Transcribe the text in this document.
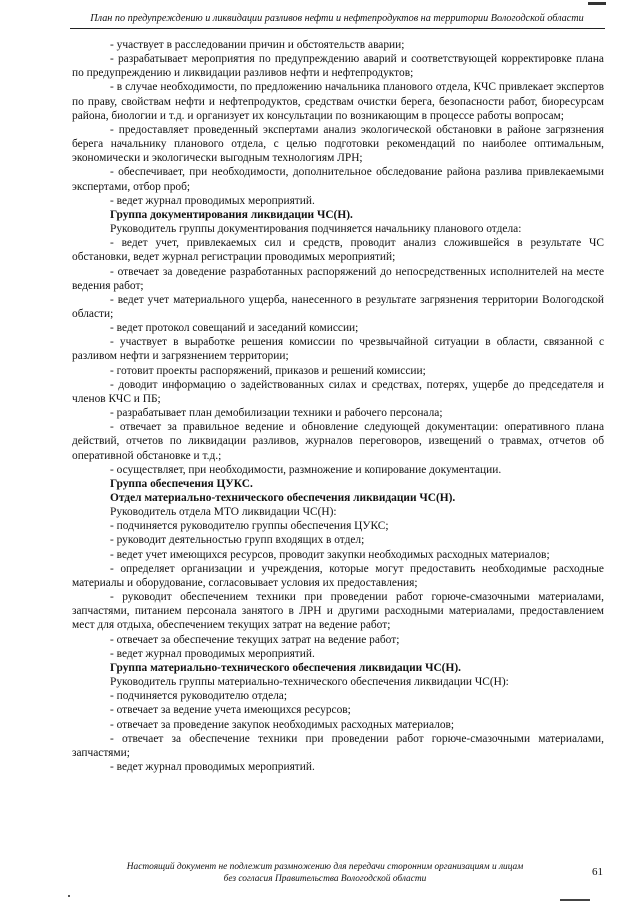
План по предупреждению и ликвидации разливов нефти и нефтепродуктов на территории Вологодской области

- участвует в расследовании причин и обстоятельств аварии;

- разрабатывает мероприятия по предупреждению аварий и соответствующей корректировке плана по предупреждению и ликвидации разливов нефти и нефтепродуктов;

- в случае необходимости, по предложению начальника планового отдела, КЧС привлекает экспертов по праву, свойствам нефти и нефтепродуктов, средствам очистки берега, безопасности работ, биоресурсам района, биологии и т.д. и организует их консультации по возникающим в процессе работы вопросам;

- предоставляет проведенный экспертами анализ экологической обстановки в районе загрязнения берега начальнику планового отдела, с целью подготовки рекомендаций по наиболее оптимальным, экономически и экологически выгодным технологиям ЛРН;

- обеспечивает, при необходимости, дополнительное обследование района разлива привлекаемыми экспертами, отбор проб;

- ведет журнал проводимых мероприятий.

Группа документирования ликвидации ЧС(Н).

Руководитель группы документирования подчиняется начальнику планового отдела:

- ведет учет, привлекаемых сил и средств, проводит анализ сложившейся в результате ЧС обстановки, ведет журнал регистрации проводимых мероприятий;

- отвечает за доведение разработанных распоряжений до непосредственных исполнителей на месте ведения работ;

- ведет учет материального ущерба, нанесенного в результате загрязнения территории Вологодской области;

- ведет протокол совещаний и заседаний комиссии;

- участвует в выработке решения комиссии по чрезвычайной ситуации в области, связанной с разливом нефти и загрязнением территории;

- готовит проекты распоряжений, приказов и решений комиссии;

- доводит информацию о задействованных силах и средствах, потерях, ущербе до председателя и членов КЧС и ПБ;

- разрабатывает план демобилизации техники и рабочего персонала;

- отвечает за правильное ведение и обновление следующей документации: оперативного плана действий, отчетов по ликвидации разливов, журналов переговоров, извещений о травмах, отчетов об оперативной обстановке и т.д.;

- осуществляет, при необходимости, размножение и копирование документации.

Группа обеспечения ЦУКС.

Отдел материально-технического обеспечения ликвидации ЧС(Н).

Руководитель отдела МТО ликвидации ЧС(Н):

- подчиняется руководителю группы обеспечения ЦУКС;

- руководит деятельностью групп входящих в отдел;

- ведет учет имеющихся ресурсов, проводит закупки необходимых расходных материалов;

- определяет организации и учреждения, которые могут предоставить необходимые расходные материалы и оборудование, согласовывает условия их предоставления;

- руководит обеспечением техники при проведении работ горюче-смазочными материалами, запчастями, питанием персонала занятого в ЛРН и другими расходными материалами, предоставлением мест для отдыха, обеспечением текущих затрат на ведение работ;

- отвечает за обеспечение текущих затрат на ведение работ;

- ведет журнал проводимых мероприятий.

Группа материально-технического обеспечения ликвидации ЧС(Н).

Руководитель группы материально-технического обеспечения ликвидации ЧС(Н):

- подчиняется руководителю отдела;

- отвечает за ведение учета имеющихся ресурсов;

- отвечает за проведение закупок необходимых расходных материалов;

- отвечает за обеспечение техники при проведении работ горюче-смазочными материалами, запчастями;

- ведет журнал проводимых мероприятий.

Настоящий документ не подлежит размножению для передачи сторонним организациям и лицам
без согласия Правительства Вологодской области
61
